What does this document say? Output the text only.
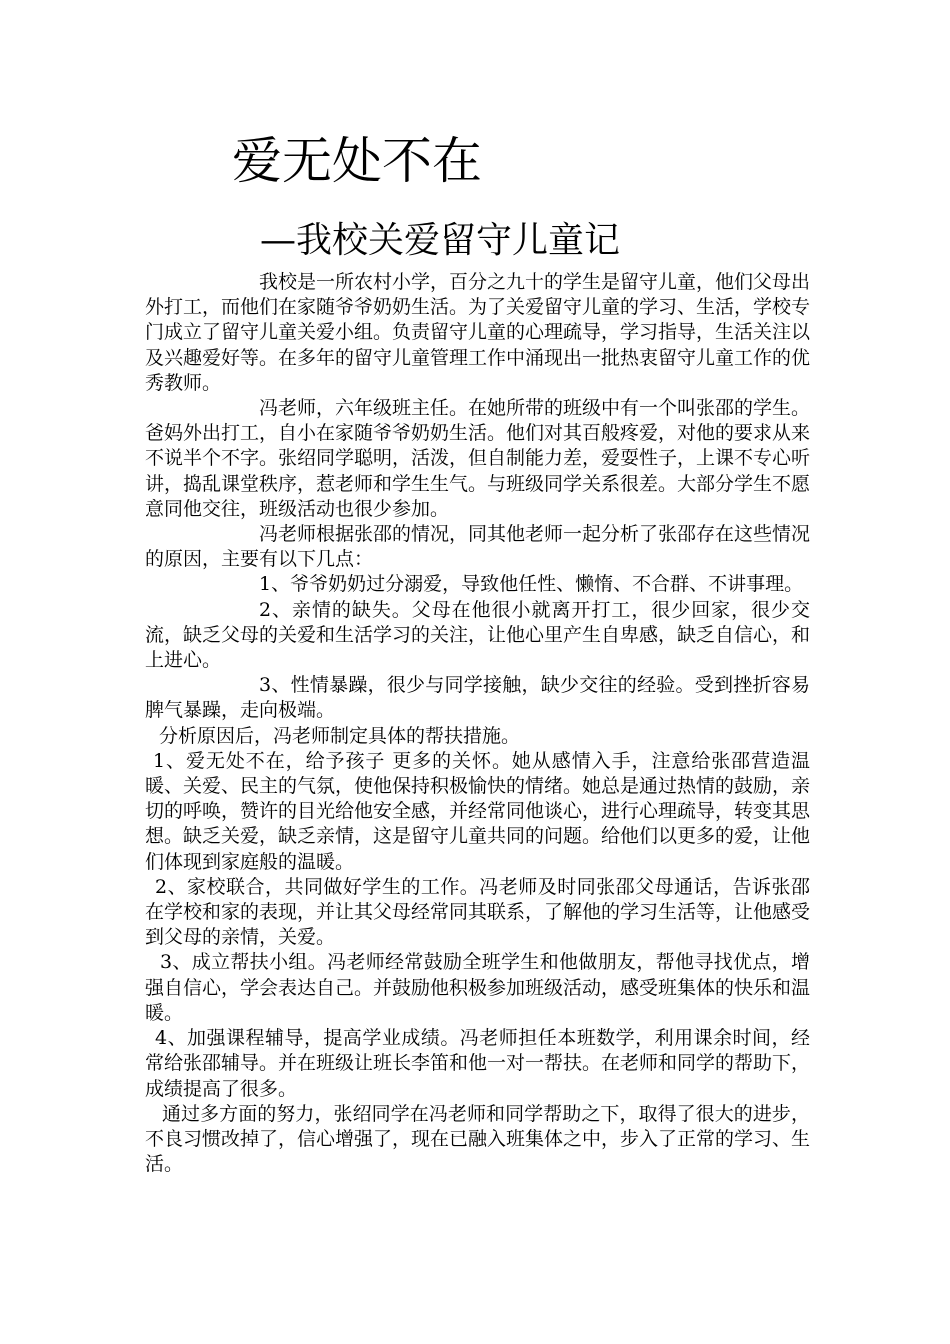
爱无处不在
—我校关爱留守儿童记

我校是一所农村小学，百分之九十的学生是留守儿童，他们父母出外打工，而他们在家随爷爷奶奶生活。为了关爱留守儿童的学习、生活，学校专门成立了留守儿童关爱小组。负责留守儿童的心理疏导，学习指导，生活关注以及兴趣爱好等。在多年的留守儿童管理工作中涌现出一批热衷留守儿童工作的优秀教师。

冯老师，六年级班主任。在她所带的班级中有一个叫张邵的学生。爸妈外出打工，自小在家随爷爷奶奶生活。他们对其百般疼爱，对他的要求从来不说半个不字。张绍同学聪明，活泼，但自制能力差，爱耍性子，上课不专心听讲，捣乱课堂秩序，惹老师和学生生气。与班级同学关系很差。大部分学生不愿意同他交往，班级活动也很少参加。

冯老师根据张邵的情况，同其他老师一起分析了张邵存在这些情况的原因，主要有以下几点：

1、爷爷奶奶过分溺爱，导致他任性、懒惰、不合群、不讲事理。

2、亲情的缺失。父母在他很小就离开打工，很少回家，很少交流，缺乏父母的关爱和生活学习的关注，让他心里产生自卑感，缺乏自信心，和上进心。

3、性情暴躁，很少与同学接触，缺少交往的经验。受到挫折容易脾气暴躁，走向极端。

分析原因后，冯老师制定具体的帮扶措施。

1、爱无处不在，给予孩子 更多的关怀。她从感情入手，注意给张邵营造温暖、关爱、民主的气氛，使他保持积极愉快的情绪。她总是通过热情的鼓励，亲切的呼唤，赞许的目光给他安全感，并经常同他谈心，进行心理疏导，转变其思想。缺乏关爱，缺乏亲情，这是留守儿童共同的问题。给他们以更多的爱，让他们体现到家庭般的温暖。

2、家校联合，共同做好学生的工作。冯老师及时同张邵父母通话，告诉张邵在学校和家的表现，并让其父母经常同其联系，了解他的学习生活等，让他感受到父母的亲情，关爱。

3、成立帮扶小组。冯老师经常鼓励全班学生和他做朋友，帮他寻找优点，增强自信心，学会表达自己。并鼓励他积极参加班级活动，感受班集体的快乐和温暖。

4、加强课程辅导，提高学业成绩。冯老师担任本班数学，利用课余时间，经常给张邵辅导。并在班级让班长李笛和他一对一帮扶。在老师和同学的帮助下，成绩提高了很多。

通过多方面的努力，张绍同学在冯老师和同学帮助之下，取得了很大的进步，不良习惯改掉了，信心增强了，现在已融入班集体之中，步入了正常的学习、生活。
